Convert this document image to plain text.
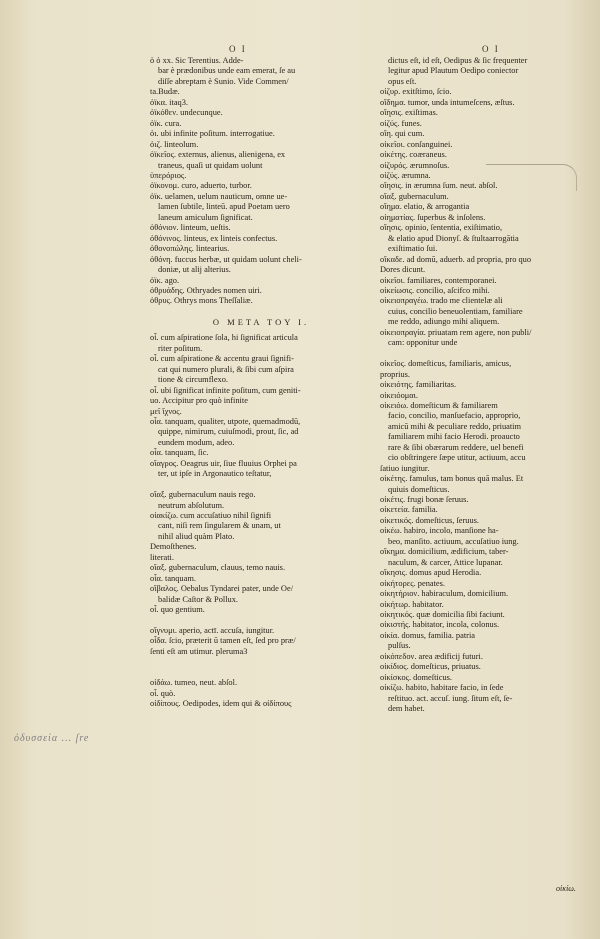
O I	O I
ὁ ὁ xx. Sic Terentius. Adde-
bar è prædonibus unde eam emerat, ſe au
diſſe abreptam è Sunio. Vide Commen/
ta.Budæ.
ὀϊκα. itaq3.
ὀϊκόθεν. undecunque.
ὀϊκ. cura.
ὀι. ubi infinite poſitum. interrogatiue.
ὀιζ. linteolum.
ὀϊκεῖος. externus, alienus, alienigena, ex
traneus, quaſi ut quidam uolunt
ὑπερόριος.
ὀϊκονομ. curo, aduerto, turbor.
ὀϊκ. uelamen, uelum nauticum, omne ue-
lamen ſubtile, linteū. apud Poetam uero
laneum amiculum ſignificat.
ὀθόνιον. linteum, ueſtis.
ὀθόνινος. linteus, ex linteis confectus.
ὀθονοπώλης. lintearius.
ὀθόνη. fuccus herbæ, ut quidam uolunt cheli-
doniæ, ut alij alterius.
ὀϊκ. ago.
ὀθρυάδης. Othryades nomen uiri.
ὀθρυς. Othrys mons Theſſaliæ.
O META TOY I.
οἷ. cum aſpiratione ſola, hi ſignificat articula
riter poſitum.
οἷ. cum aſpiratione & accentu graui ſignifi-
cat qui numero plurali, & ſibi cum aſpira
tione & circumflexo.
* οἷ. ubi ſignificat infinite poſitum, cum geniti-
uo. Accipitur pro quò infinite
μεῖ ἴχνος.
οἷα. tanquam, qualiter, utpote, quemadmodū,
quippe, nimirum, cuiuſmodi, prout, ſic, ad
eundem modum, adeo.
οἷα. tanquam, ſic.
οἴαγρος. Oeagrus uir, ſiue fluuius Orphei pa
ter, ut ipſe in Argonautico teſtatur,

οἴαξ. gubernaculum nauis rego.
neutrum abſolutum.
οἰακίζω. cum accuſatiuo nihil ſignifi
cant, niſi rem ſingularem & unam, ut
nihil aliud quàm Plato.
Demoſthenes.
literati.
οἴαξ. gubernaculum, clauus, temo nauis.
οἷα. tanquam.
οἴβαλος. Oebalus Tyndarei pater, unde Oe/
balidæ Caſtor & Pollux.
οἷ. quo gentium.

οἴγνυμι. aperio, actī. accuſa, iungitur.
οἶδα. ſcio, præterit ū tamen eſt, ſed pro præ/
* ſenti eſt am utimur. pleruma3

οἰδάω. tumeo, neut. abſol.
οἷ. quò.
οἰδίπους. Oedipodes, idem qui & οἰδίπους
dictus eſt, id eſt, Oedipus & ſic frequenter
legitur apud Plautum Oedipo coniector
opus eſt.
οἰζυρ. exitſtimo, ſcio.
οἴδημα. tumor, unda intumeſcens, æſtus.
οἴησις. exiſtimas.
οἰζύς. funes.
οἴη. qui cum.
οἰκεῖοι. conſanguinei.
οἰκέτης. coæraneus.
οἰζυρός. ærumnoſus.
οἰζύς. ærumna.
οἴησις. in ærumna ſum. neut. abſol.
οἴαξ. gubernaculum.
* οἴημα. elatio, & arrogantia
οἰηματίας. ſuperbus & inſolens.
* οἴησις. opinio, ſententia, exiſtimatio,
& elatio apud Dionyſ. & ſtultaarrogātia
exiſtimatio ſui.
οἴκαδε. ad domū, aduerb. ad propria, pro quo
Dores dicunt.
οἰκεῖοι. familiares, contemporanei.
οἰκείωσις. concilio, aſcifco mihi.
οἰκειοπραγέω. trado me clientelæ ali
* cuius, concilio beneuolentiam, familiare
me reddo, adiungo mihi aliquem.
οἰκειοπραγία. priuatam rem agere, non publi/
cam: opponitur unde
*
οἰκεῖος. domeſticus, familiaris, amicus,
proprius.
οἰκειότης. familiaritas.
οἰκειόομαι.
οἰκειόω. domeſticum & familiarem
facio, concilio, manſuefacio, approprio,
* amicū mihi & peculiare reddo, priuatim
familiarem mihi facio Herodi. proaucto
rare & ſibi obærarum reddere, uel benefi
cio obſtringere ſæpe utitur, actiuum, accu
ſatiuo iungitur.
οἰκέτης. famulus, tam bonus quā malus. Et
quiuis domeſticus.
οἰκέτις. frugi bonæ ſeruus.
οἰκετεία. familia.
οἰκετικός. domeſticus, ſeruus.
* οἰκέω. habiro, incolo, manſione ha-
beo, manſito. actiuum, accuſatiuo iung.
* οἴκημα. domicilium, ædificium, taber-
naculum, & carcer, Attice lupanar.
οἴκησις. domus apud Herodia.
οἰκήτορες. penates.
οἰκητήριον. habiraculum, domicilium.
οἰκήτωρ. habitator.
οἰκητικός. quæ domicilia ſibi faciunt.
οἰκιστής. habitator, incola, colonus.
οἰκία. domus, familia. patria
pulſus.
οἰκόπεδον. area ædificij futuri.
οἰκίδιος. domeſticus, priuatus.
οἰκίσκος. domeſticus.
οἰκίζω. habito, habitare facio, in ſede
* reſtituo. act. accuſ. iung. ſitum eſt, ſe-
dem habet.
ὀδυσσεία ... ſre
οἰκίω.
